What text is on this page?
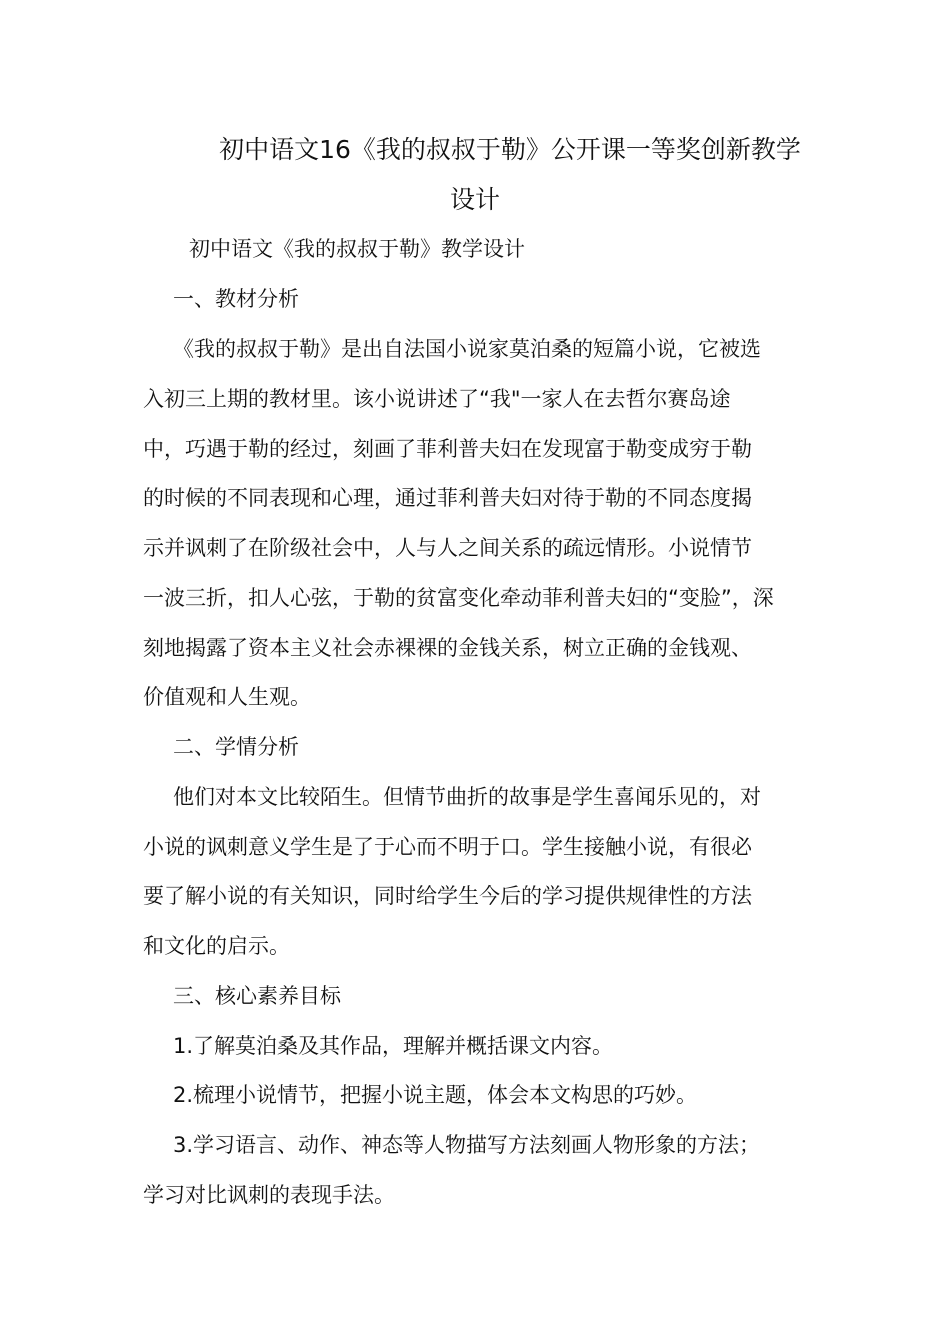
初中语文16《我的叔叔于勒》公开课一等奖创新教学
设计
初中语文《我的叔叔于勒》教学设计
一、教材分析
《我的叔叔于勒》是出自法国小说家莫泊桑的短篇小说，它被选
入初三上期的教材里。该小说讲述了“我"一家人在去哲尔赛岛途
中，巧遇于勒的经过，刻画了菲利普夫妇在发现富于勒变成穷于勒
的时候的不同表现和心理，通过菲利普夫妇对待于勒的不同态度揭
示并讽刺了在阶级社会中，人与人之间关系的疏远情形。小说情节
一波三折，扣人心弦，于勒的贫富变化牵动菲利普夫妇的“变脸”，深
刻地揭露了资本主义社会赤裸裸的金钱关系，树立正确的金钱观、
价值观和人生观。
二、学情分析
他们对本文比较陌生。但情节曲折的故事是学生喜闻乐见的，对
小说的讽刺意义学生是了于心而不明于口。学生接触小说，有很必
要了解小说的有关知识，同时给学生今后的学习提供规律性的方法
和文化的启示。
三、核心素养目标
1.了解莫泊桑及其作品，理解并概括课文内容。
2.梳理小说情节，把握小说主题，体会本文构思的巧妙。
3.学习语言、动作、神态等人物描写方法刻画人物形象的方法；
学习对比讽刺的表现手法。
